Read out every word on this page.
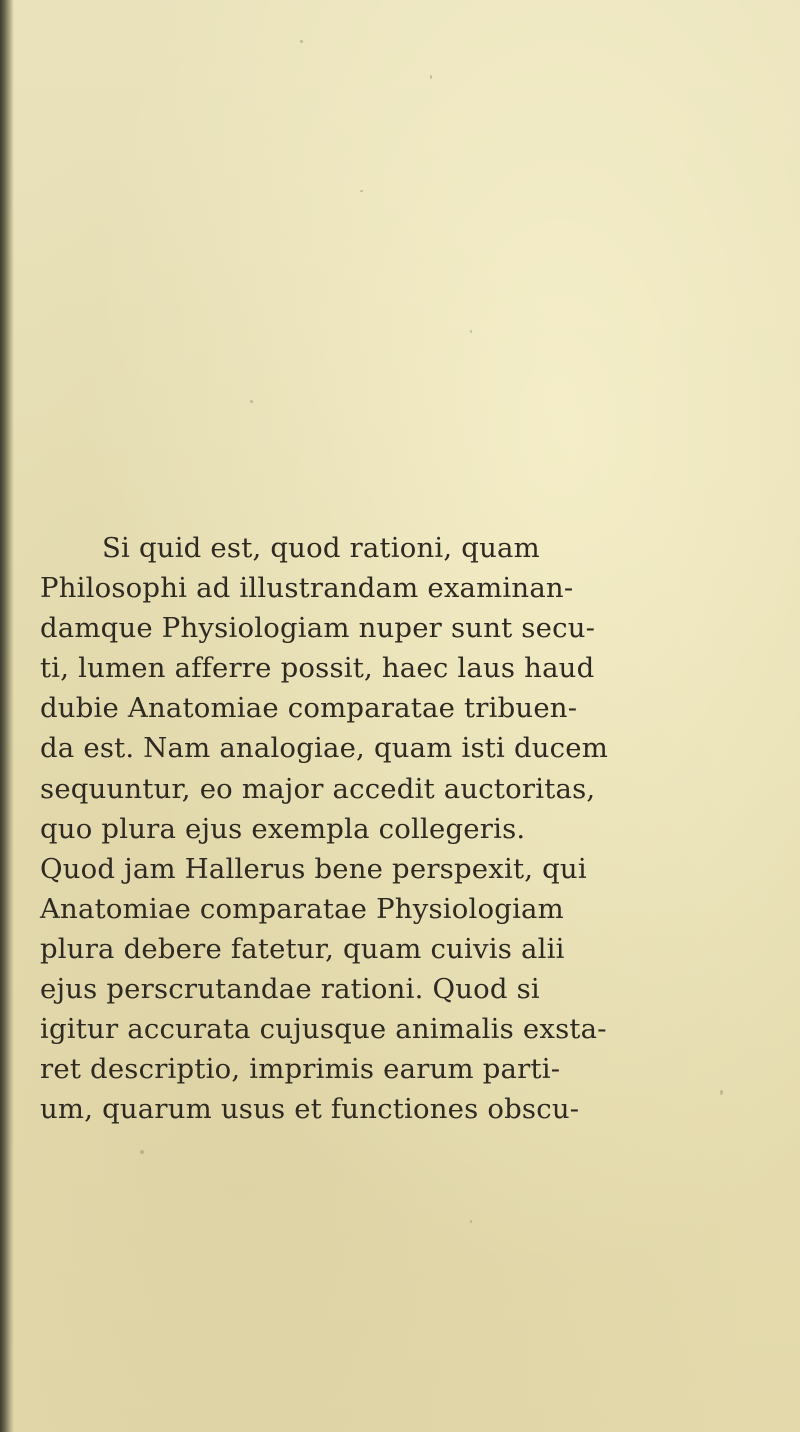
Si quid est, quod rationi, quam
Philosophi ad illustrandam examinan-
damque Physiologiam nuper sunt secu-
ti, lumen afferre possit, haec laus haud
dubie Anatomiae comparatae tribuen-
da est. Nam analogiae, quam isti ducem
sequuntur, eo major accedit auctoritas,
quo plura ejus exempla collegeris.
Quod jam Hallerus bene perspexit, qui
Anatomiae comparatae Physiologiam
plura debere fatetur, quam cuivis alii
ejus perscrutandae rationi. Quod si
igitur accurata cujusque animalis exsta-
ret descriptio, imprimis earum parti-
um, quarum usus et functiones obscu-
